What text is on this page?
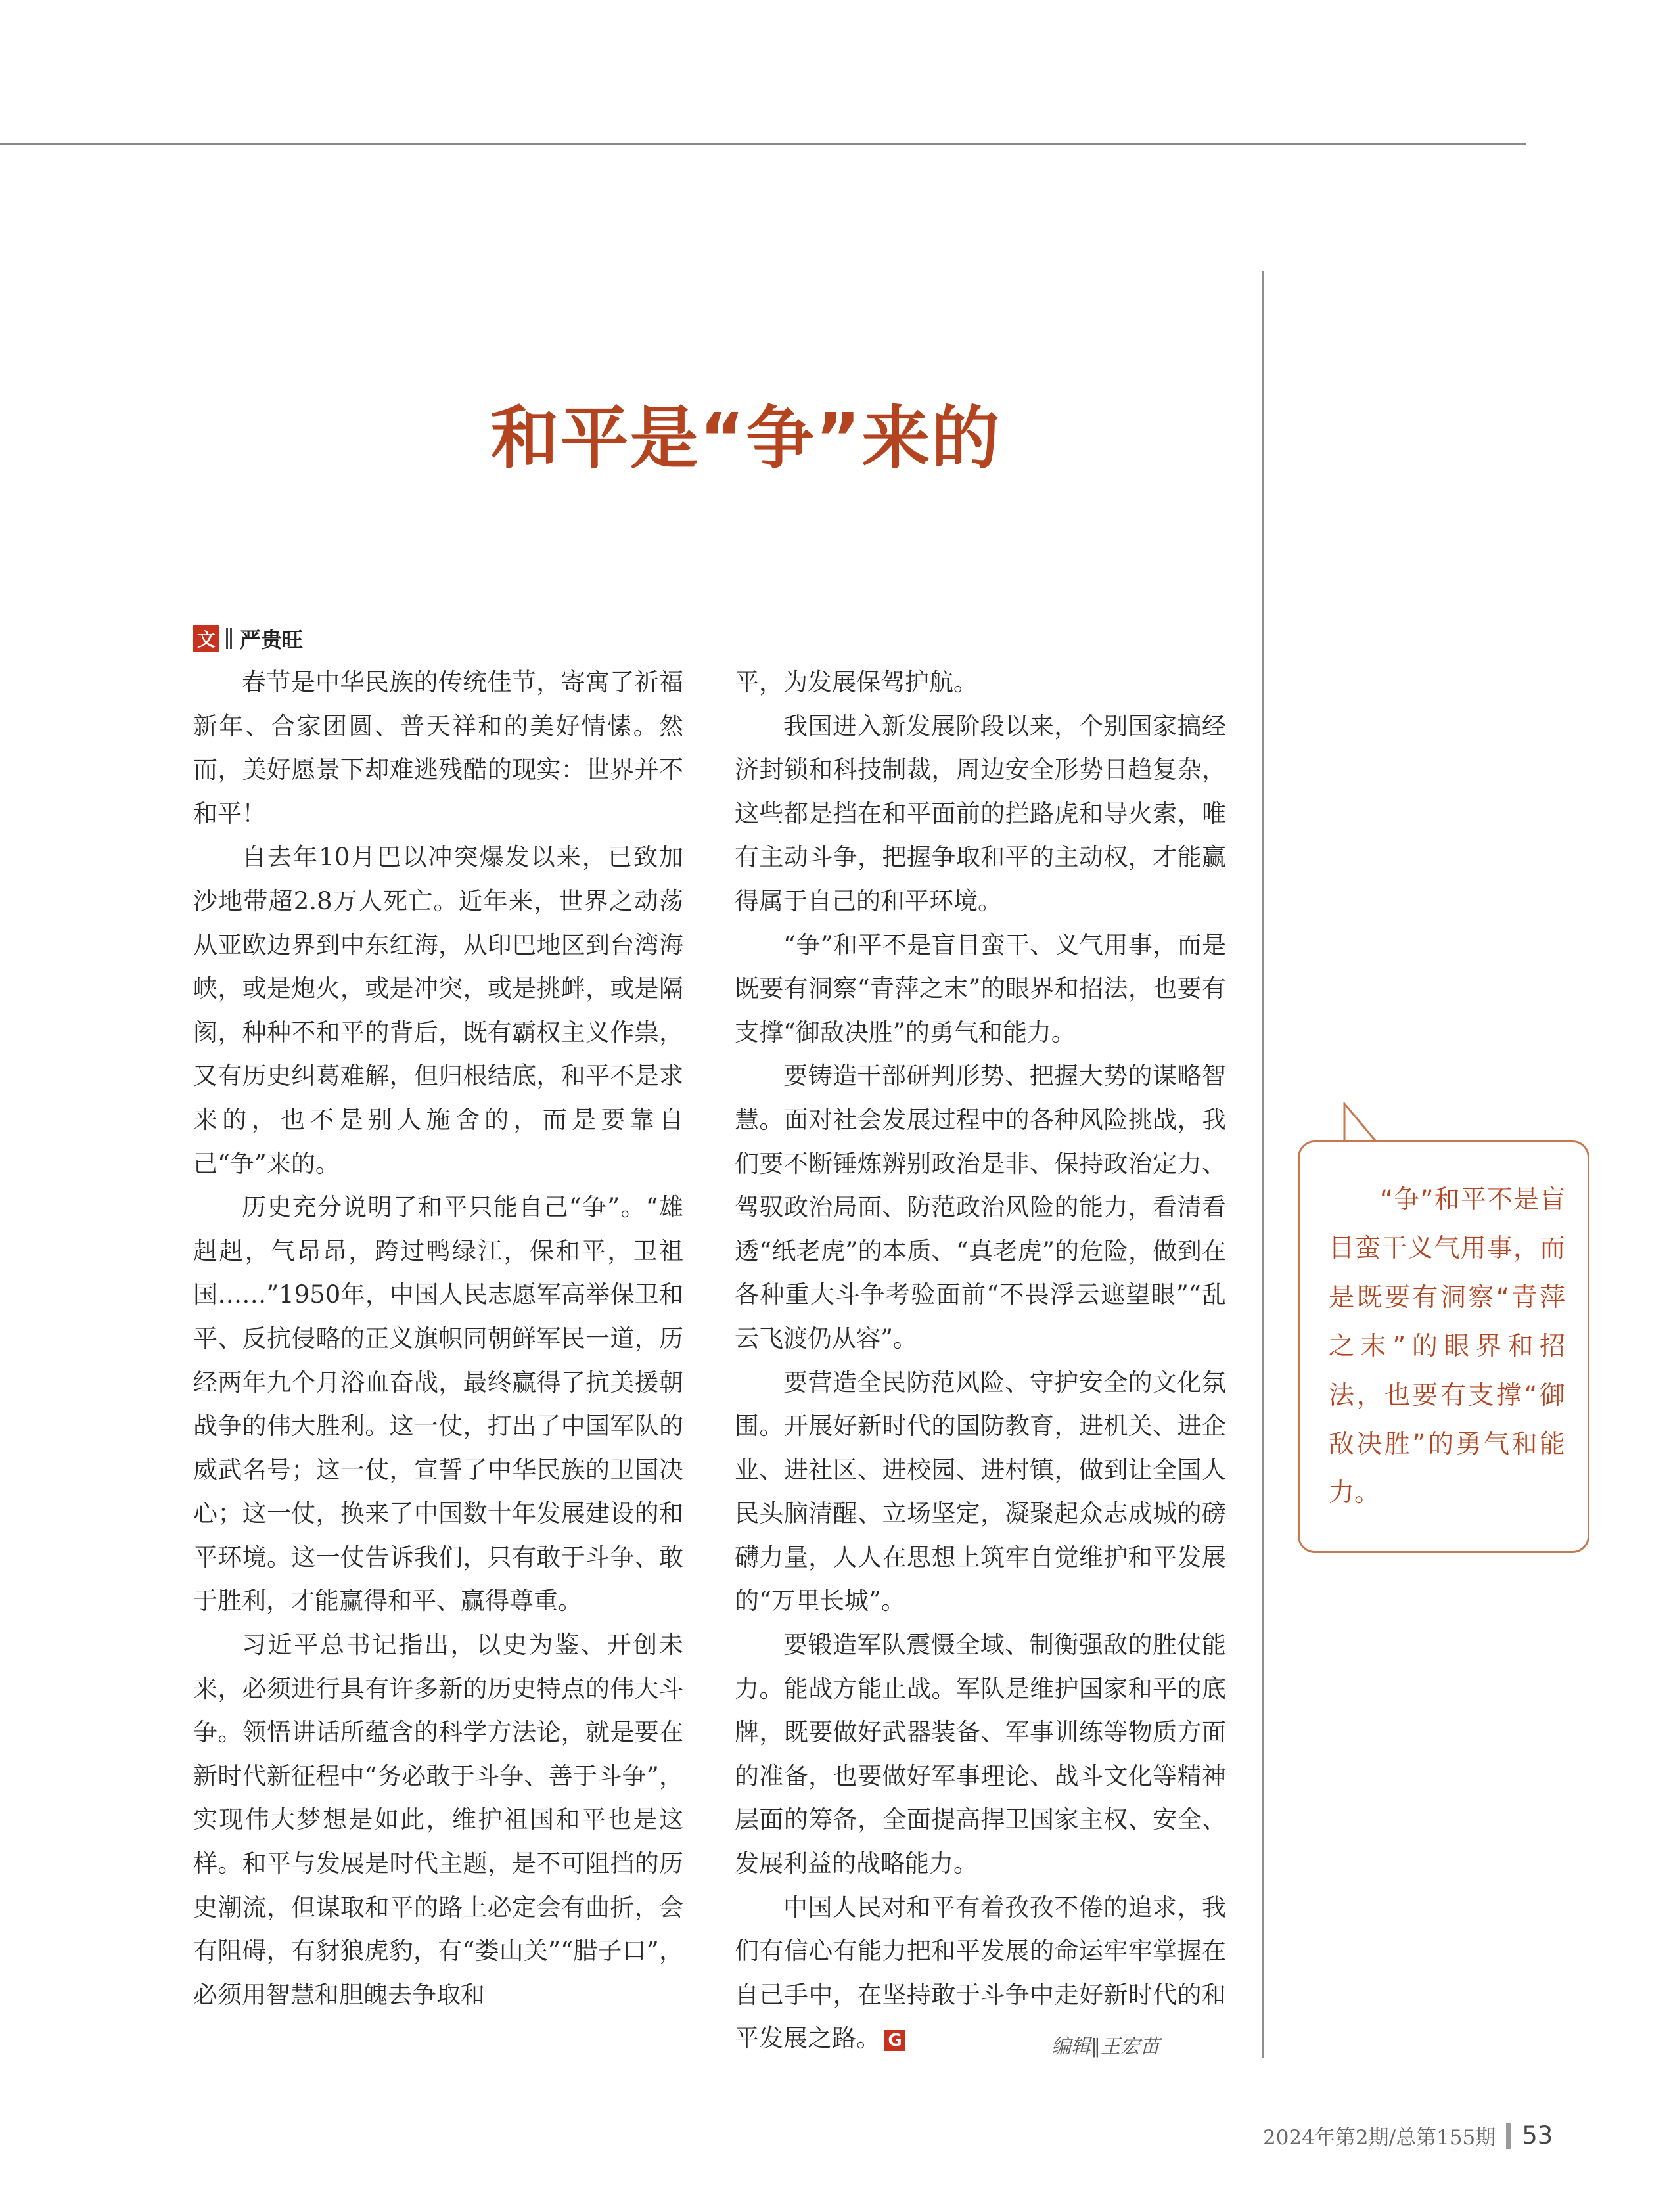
和平是“争”来的
文 严贵旺

春节是中华民族的传统佳节，寄寓了祈福新年、合家团圆、普天祥和的美好情愫。然而，美好愿景下却难逃残酷的现实：世界并不和平！

自去年10月巴以冲突爆发以来，已致加沙地带超2.8万人死亡。近年来，世界之动荡从亚欧边界到中东红海，从印巴地区到台湾海峡，或是炮火，或是冲突，或是挑衅，或是隔阂，种种不和平的背后，既有霸权主义作祟，又有历史纠葛难解，但归根结底，和平不是求来的，也不是别人施舍的，而是要靠自己“争”来的。

历史充分说明了和平只能自己“争”。“雄赳赳，气昂昂，跨过鸭绿江，保和平，卫祖国……”1950年，中国人民志愿军高举保卫和平、反抗侵略的正义旗帜同朝鲜军民一道，历经两年九个月浴血奋战，最终赢得了抗美援朝战争的伟大胜利。这一仗，打出了中国军队的威武名号；这一仗，宣誓了中华民族的卫国决心；这一仗，换来了中国数十年发展建设的和平环境。这一仗告诉我们，只有敢于斗争、敢于胜利，才能赢得和平、赢得尊重。

习近平总书记指出，以史为鉴、开创未来，必须进行具有许多新的历史特点的伟大斗争。领悟讲话所蕴含的科学方法论，就是要在新时代新征程中“务必敢于斗争、善于斗争”，实现伟大梦想是如此，维护祖国和平也是这样。和平与发展是时代主题，是不可阻挡的历史潮流，但谋取和平的路上必定会有曲折，会有阻碍，有豺狼虎豹，有“娄山关”“腊子口”，必须用智慧和胆魄去争取和

平，为发展保驾护航。

我国进入新发展阶段以来，个别国家搞经济封锁和科技制裁，周边安全形势日趋复杂，这些都是挡在和平面前的拦路虎和导火索，唯有主动斗争，把握争取和平的主动权，才能赢得属于自己的和平环境。

“争”和平不是盲目蛮干、义气用事，而是既要有洞察“青萍之末”的眼界和招法，也要有支撑“御敌决胜”的勇气和能力。

要铸造干部研判形势、把握大势的谋略智慧。面对社会发展过程中的各种风险挑战，我们要不断锤炼辨别政治是非、保持政治定力、驾驭政治局面、防范政治风险的能力，看清看透“纸老虎”的本质、“真老虎”的危险，做到在各种重大斗争考验面前“不畏浮云遮望眼”“乱云飞渡仍从容”。

要营造全民防范风险、守护安全的文化氛围。开展好新时代的国防教育，进机关、进企业、进社区、进校园、进村镇，做到让全国人民头脑清醒、立场坚定，凝聚起众志成城的磅礴力量，人人在思想上筑牢自觉维护和平发展的“万里长城”。

要锻造军队震慑全域、制衡强敌的胜仗能力。能战方能止战。军队是维护国家和平的底牌，既要做好武器装备、军事训练等物质方面的准备，也要做好军事理论、战斗文化等精神层面的筹备，全面提高捍卫国家主权、安全、发展利益的战略能力。

中国人民对和平有着孜孜不倦的追求，我们有信心有能力把和平发展的命运牢牢掌握在自己手中，在坚持敢于斗争中走好新时代的和平发展之路。 G

“争”和平不是盲目蛮干义气用事，而是既要有洞察“青萍之末”的眼界和招法，也要有支撑“御敌决胜”的勇气和能力。

编辑∥王宏苗
2024年第2期/总第155期 53
